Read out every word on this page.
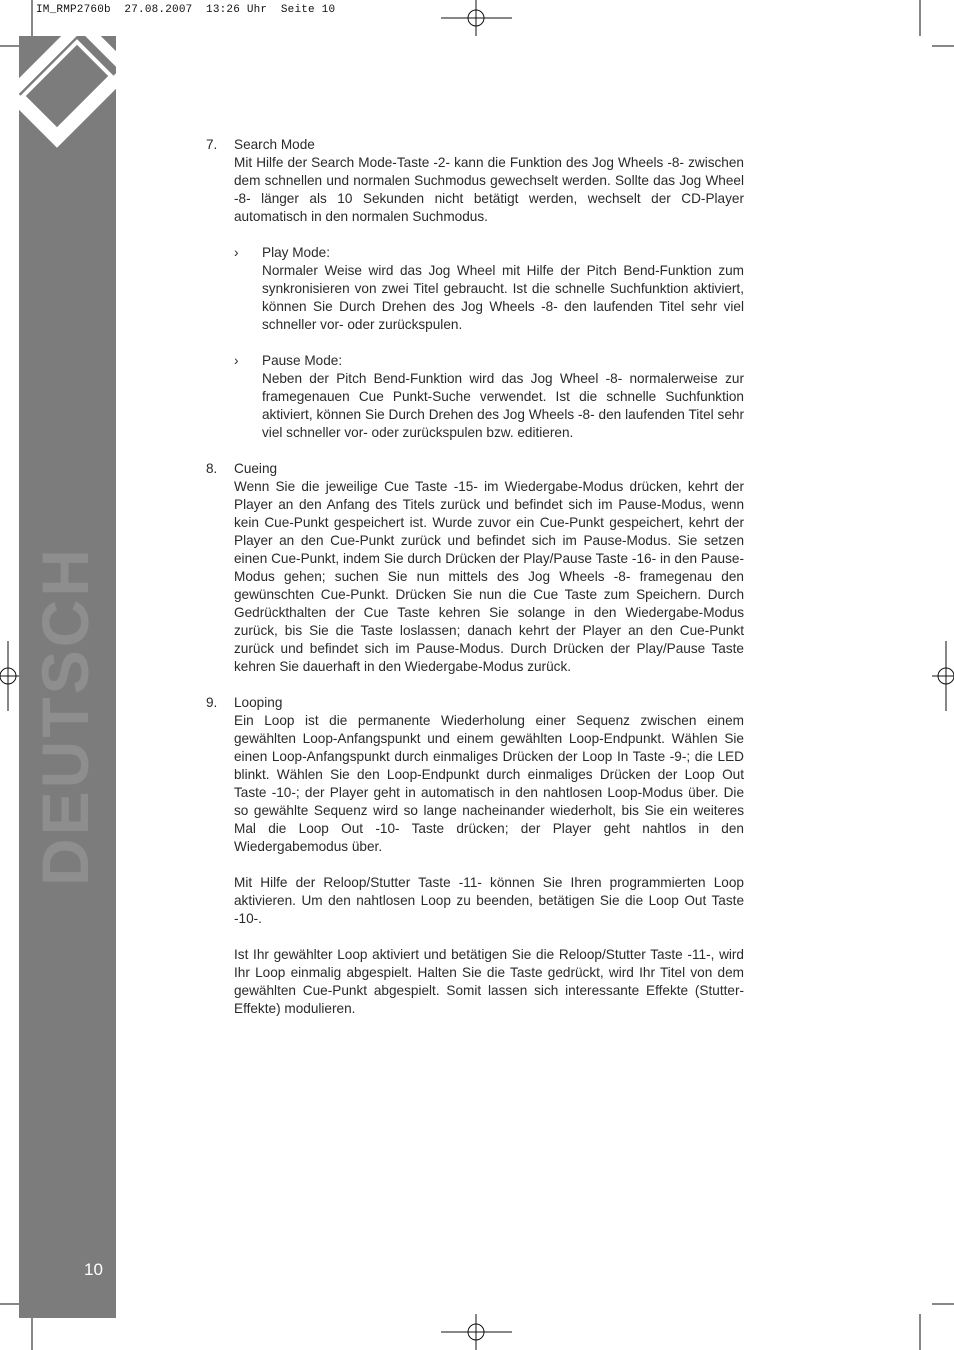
IM_RMP2760b  27.08.2007  13:26 Uhr  Seite 10
DEUTSCH
10
7. Search Mode

Mit Hilfe der Search Mode-Taste -2- kann die Funktion des Jog Wheels -8- zwischen dem schnellen und normalen Suchmodus gewechselt werden. Sollte das Jog Wheel -8- länger als 10 Sekunden nicht betätigt werden, wechselt der CD-Player automatisch in den normalen Suchmodus.

› Play Mode:

Normaler Weise wird das Jog Wheel mit Hilfe der Pitch Bend-Funktion zum synkronisieren von zwei Titel gebraucht. Ist die schnelle Suchfunktion aktiviert, können Sie Durch Drehen des Jog Wheels -8- den laufenden Titel sehr viel schneller vor- oder zurückspulen.

› Pause Mode:

Neben der Pitch Bend-Funktion wird das Jog Wheel -8- normalerweise zur framegenauen Cue Punkt-Suche verwendet. Ist die schnelle Suchfunktion aktiviert, können Sie Durch Drehen des Jog Wheels -8- den laufenden Titel sehr viel schneller vor- oder zurückspulen bzw. editieren.

8. Cueing

Wenn Sie die jeweilige Cue Taste -15- im Wiedergabe-Modus drücken, kehrt der Player an den Anfang des Titels zurück und befindet sich im Pause-Modus, wenn kein Cue-Punkt gespeichert ist. Wurde zuvor ein Cue-Punkt gespeichert, kehrt der Player an den Cue-Punkt zurück und befindet sich im Pause-Modus. Sie setzen einen Cue-Punkt, indem Sie durch Drücken der Play/Pause Taste -16- in den Pause-Modus gehen; suchen Sie nun mittels des Jog Wheels -8- framegenau den gewünschten Cue-Punkt. Drücken Sie nun die Cue Taste zum Speichern. Durch Gedrückthalten der Cue Taste kehren Sie solange in den Wiedergabe-Modus zurück, bis Sie die Taste loslassen; danach kehrt der Player an den Cue-Punkt zurück und befindet sich im Pause-Modus. Durch Drücken der Play/Pause Taste kehren Sie dauerhaft in den Wiedergabe-Modus zurück.

9. Looping

Ein Loop ist die permanente Wiederholung einer Sequenz zwischen einem gewählten Loop-Anfangspunkt und einem gewählten Loop-Endpunkt. Wählen Sie einen Loop-Anfangspunkt durch einmaliges Drücken der Loop In Taste -9-; die LED blinkt. Wählen Sie den Loop-Endpunkt durch einmaliges Drücken der Loop Out Taste -10-; der Player geht in automatisch in den nahtlosen Loop-Modus über. Die so gewählte Sequenz wird so lange nacheinander wiederholt, bis Sie ein weiteres Mal die Loop Out -10- Taste drücken; der Player geht nahtlos in den Wiedergabemodus über.

Mit Hilfe der Reloop/Stutter Taste -11- können Sie Ihren programmierten Loop aktivieren. Um den nahtlosen Loop zu beenden, betätigen Sie die Loop Out Taste -10-.

Ist Ihr gewählter Loop aktiviert und betätigen Sie die Reloop/Stutter Taste -11-, wird Ihr Loop einmalig abgespielt. Halten Sie die Taste gedrückt, wird Ihr Titel von dem gewählten Cue-Punkt abgespielt. Somit lassen sich interessante Effekte (Stutter-Effekte) modulieren.
